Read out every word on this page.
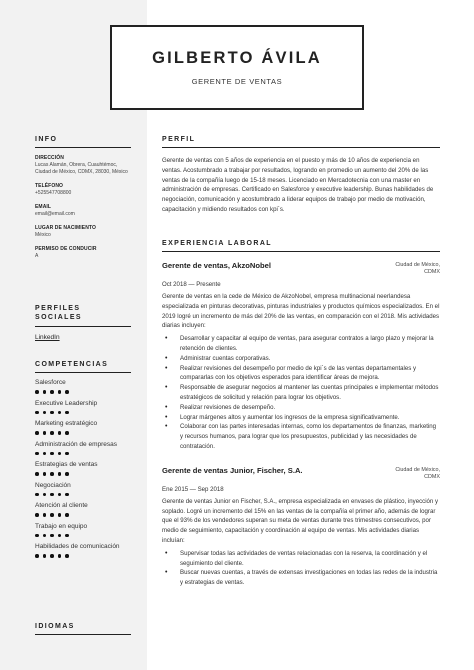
GILBERTO ÁVILA
GERENTE DE VENTAS
INFO
DIRECCIÓN
Lucas Alamán, Obrera, Cuauhtémoc, Ciudad de México, CDMX, 28030, México
TELÉFONO
+525547708800
EMAIL
email@email.com
LUGAR DE NACIMIENTO
México
PERMISO DE CONDUCIR
A
PERFILES SOCIALES
LinkedIn
COMPETENCIAS
Salesforce
Executive Leadership
Marketing estratégico
Administración de empresas
Estrategias de ventas
Negociación
Atención al cliente
Trabajo en equipo
Habilidades de comunicación
IDIOMAS
PERFIL
Gerente de ventas con 5 años de experiencia en el puesto y más de 10 años de experiencia en ventas. Acostumbrado a trabajar por resultados, logrando en promedio un aumento del 20% de las ventas de la compañía luego de 15-18 meses. Licenciado en Mercadotecnia con una master en administración de empresas. Certificado en Salesforce y executive leadership. Bunas habilidades de negociación, comunicación y acostumbrado a liderar equipos de trabajo por medio de motivación, capacitación y midiendo resultados con kpi´s.
EXPERIENCIA LABORAL
Gerente de ventas, AkzoNobel	Ciudad de México, CDMX
Oct 2018 — Presente
Gerente de ventas en la cede de México de AkzoNobel, empresa multinacional neerlandesa especializada en pinturas decorativas, pinturas industriales y productos químicos especializados. En el 2019 logré un incremento de más del 20% de las ventas, en comparación con el 2018. Mis actividades diarias incluyen:
• Desarrollar y capacitar al equipo de ventas, para asegurar contratos a largo plazo y mejorar la retención de clientes.
• Administrar cuentas corporativas.
• Realizar revisiones del desempeño por medio de kpi´s de las ventas departamentales y compararlas con los objetivos esperados para identificar áreas de mejora.
• Responsable de asegurar negocios al mantener las cuentas principales e implementar métodos estratégicos de solicitud y relación para lograr los objetivos.
• Realizar revisiones de desempeño.
• Lograr márgenes altos y aumentar los ingresos de la empresa significativamente.
• Colaborar con las partes interesadas internas, como los departamentos de finanzas, marketing y recursos humanos, para lograr que los presupuestos, publicidad y las necesidades de contratación.
Gerente de ventas Junior, Fischer, S.A.	Ciudad de México, CDMX
Ene 2015 — Sep 2018
Gerente de ventas Junior en Fischer, S.A., empresa especializada en envases de plástico, inyección y soplado. Logré un incremento del 15% en las ventas de la compañía el primer año, además de lograr que el 93% de los vendedores superan su meta de ventas durante tres trimestres consecutivos, por medio de seguimiento, capacitación y coordinación al equipo de ventas. Mis actividades diarias incluían:
• Supervisar todas las actividades de ventas relacionadas con la reserva, la coordinación y el seguimiento del cliente.
• Buscar nuevas cuentas, a través de extensas investigaciones en todas las redes de la industria y estrategias de ventas.
